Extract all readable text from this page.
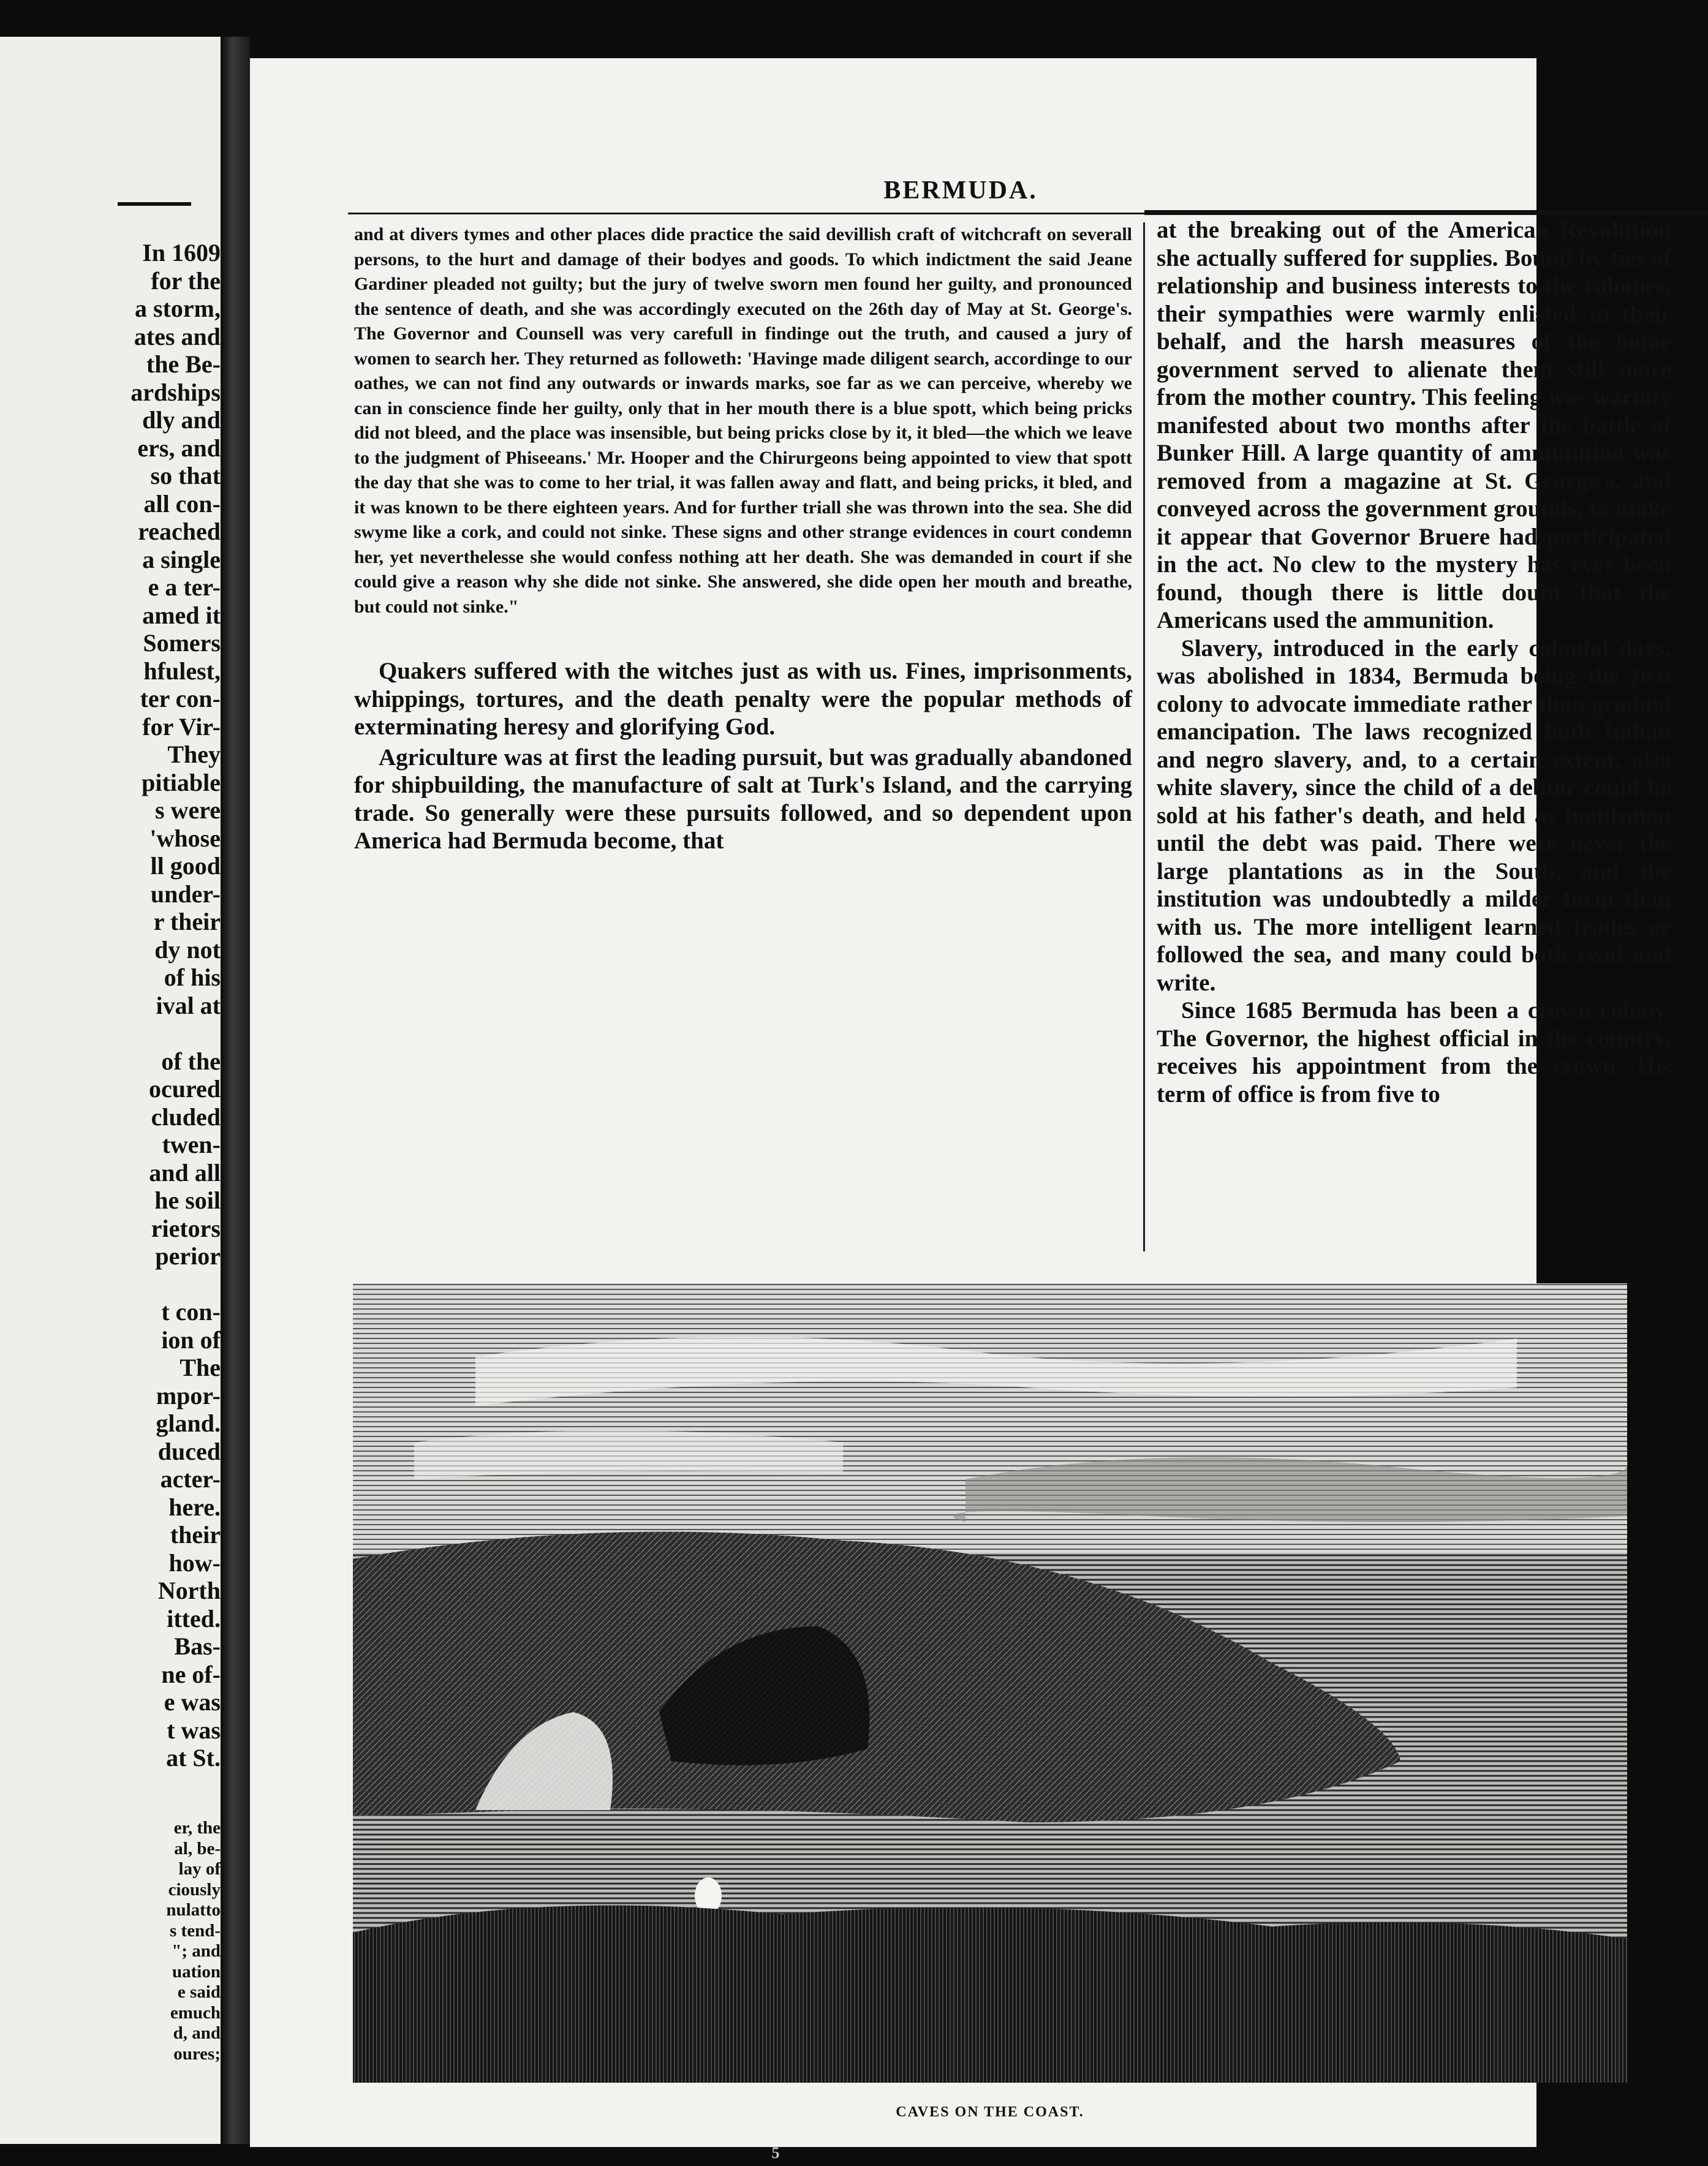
In 1609
for the
a storm,
ates and
the Be-
ardships
dly and
ers, and
so that
all con-
reached
a single
e a ter-
amed it
Somers
hfulest,
ter con-
for Vir-
They
pitiable
s were
'whose
ll good
under-
r their
dy not
of his
ival at
of the
ocured
cluded
twen-
and all
he soil
rietors
perior
t con-
ion of
The
mpor-
gland.
duced
acter-
here.
their
how-
North
itted.
Bas-
ne of-
e was
t was
at St.
er, the
al, be-
lay of
ciously
nulatto
s tend-
"; and
uation
e said
emuch
d, and
oures;
BERMUDA.

and at divers tymes and other places dide practice the said devillish craft of witchcraft on severall persons, to the hurt and damage of their bodyes and goods. To which indictment the said Jeane Gardiner pleaded not guilty; but the jury of twelve sworn men found her guilty, and pronounced the sentence of death, and she was accordingly executed on the 26th day of May at St. George's. The Governor and Counsell was very carefull in findinge out the truth, and caused a jury of women to search her. They returned as followeth: 'Havinge made diligent search, accordinge to our oathes, we can not find any outwards or inwards marks, soe far as we can perceive, whereby we can in conscience finde her guilty, only that in her mouth there is a blue spott, which being pricks did not bleed, and the place was insensible, but being pricks close by it, it bled—the which we leave to the judgment of Phiseeans.' Mr. Hooper and the Chirurgeons being appointed to view that spott the day that she was to come to her trial, it was fallen away and flatt, and being pricks, it bled, and it was known to be there eighteen years. And for further triall she was thrown into the sea. She did swyme like a cork, and could not sinke. These signs and other strange evidences in court condemn her, yet neverthelesse she would confess nothing att her death. She was demanded in court if she could give a reason why she dide not sinke. She answered, she dide open her mouth and breathe, but could not sinke."

Quakers suffered with the witches just as with us. Fines, imprisonments, whippings, tortures, and the death penalty were the popular methods of exterminating heresy and glorifying God.

Agriculture was at first the leading pursuit, but was gradually abandoned for shipbuilding, the manufacture of salt at Turk's Island, and the carrying trade. So generally were these pursuits followed, and so dependent upon America had Bermuda become, that

at the breaking out of the American Revolution she actually suffered for supplies. Bound by ties of relationship and business interests to the colonies, their sympathies were warmly enlisted in their behalf, and the harsh measures of the home government served to alienate them still more from the mother country. This feeling was warmly manifested about two months after the battle of Bunker Hill. A large quantity of ammunition was removed from a magazine at St. George's, and conveyed across the government grounds, to make it appear that Governor Bruere had participated in the act. No clew to the mystery has ever been found, though there is little doubt that the Americans used the ammunition.

Slavery, introduced in the early colonial days, was abolished in 1834, Bermuda being the first colony to advocate immediate rather than gradual emancipation. The laws recognized both Indian and negro slavery, and, to a certain extent, also white slavery, since the child of a debtor could be sold at his father's death, and held as bondsman until the debt was paid. There were never the large plantations as in the South, and the institution was undoubtedly a milder form than with us. The more intelligent learned trades or followed the sea, and many could both read and write.

Since 1685 Bermuda has been a crown colony. The Governor, the highest official in the country, receives his appointment from the crown. His term of office is from five to

CAVES ON THE COAST.
5
